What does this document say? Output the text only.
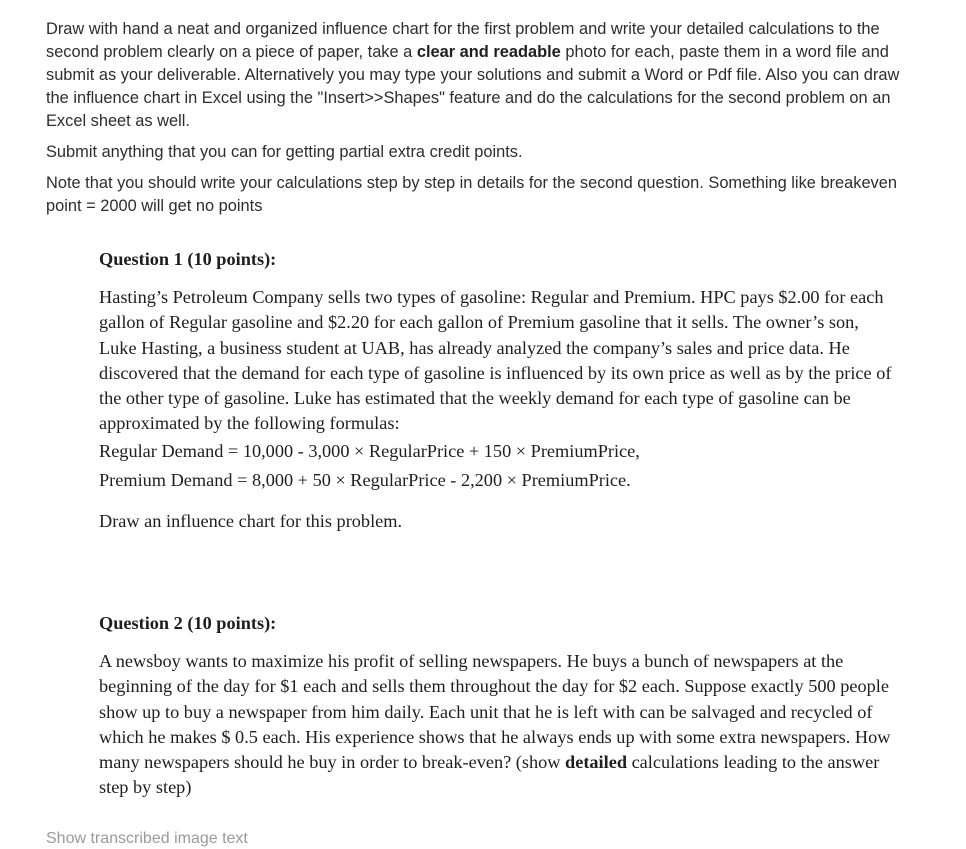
Draw with hand a neat and organized influence chart for the first problem and write your detailed calculations to the second problem clearly on a piece of paper, take a clear and readable photo for each, paste them in a word file and submit as your deliverable. Alternatively you may type your solutions and submit a Word or Pdf file. Also you can draw the influence chart in Excel using the "Insert>>Shapes" feature and do the calculations for the second problem on an Excel sheet as well.

Submit anything that you can for getting partial extra credit points.

Note that you should write your calculations step by step in details for the second question. Something like breakeven point = 2000 will get no points

Question 1 (10 points):

Hasting’s Petroleum Company sells two types of gasoline: Regular and Premium. HPC pays $2.00 for each gallon of Regular gasoline and $2.20 for each gallon of Premium gasoline that it sells. The owner’s son, Luke Hasting, a business student at UAB, has already analyzed the company’s sales and price data. He discovered that the demand for each type of gasoline is influenced by its own price as well as by the price of the other type of gasoline. Luke has estimated that the weekly demand for each type of gasoline can be approximated by the following formulas:

Regular Demand = 10,000 - 3,000 × RegularPrice + 150 × PremiumPrice,

Premium Demand = 8,000 + 50 × RegularPrice - 2,200 × PremiumPrice.

Draw an influence chart for this problem.

Question 2 (10 points):

A newsboy wants to maximize his profit of selling newspapers. He buys a bunch of newspapers at the beginning of the day for $1 each and sells them throughout the day for $2 each. Suppose exactly 500 people show up to buy a newspaper from him daily. Each unit that he is left with can be salvaged and recycled of which he makes $ 0.5 each. His experience shows that he always ends up with some extra newspapers. How many newspapers should he buy in order to break-even? (show detailed calculations leading to the answer step by step)

Show transcribed image text
